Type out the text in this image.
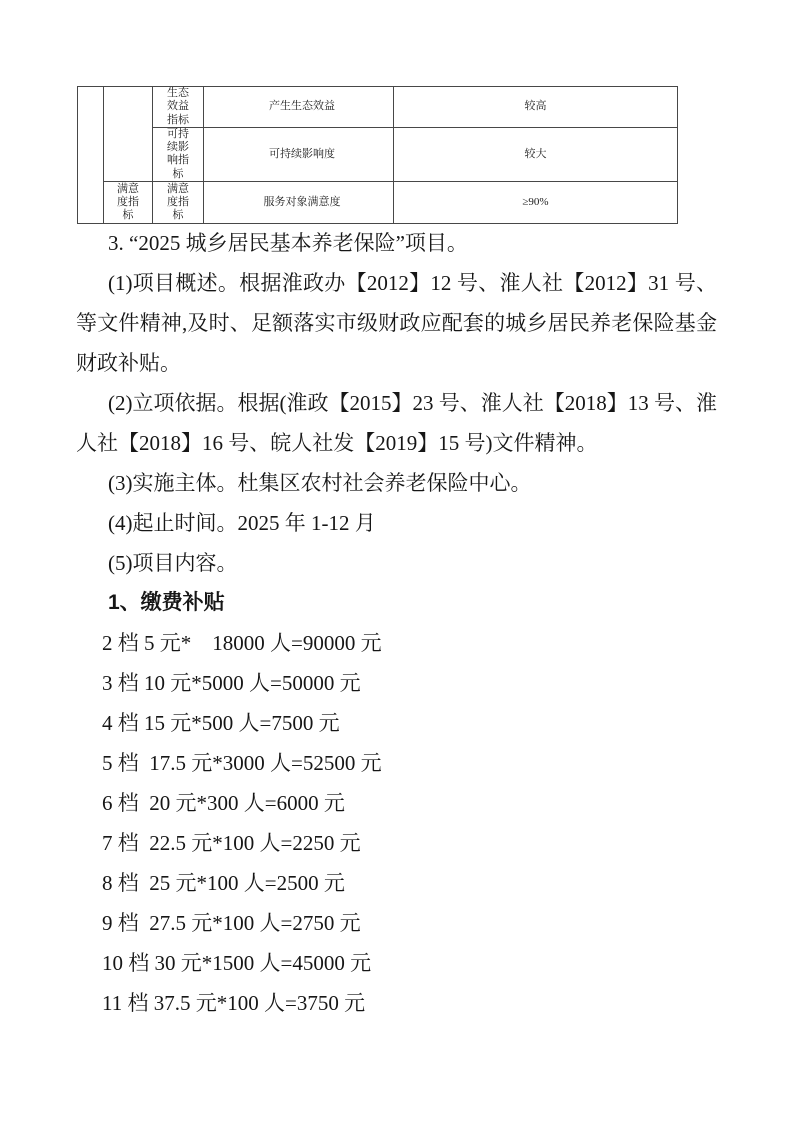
		生态效益指标	产生生态效益	较高

		可持续影响指标	可持续影响度	较大

	满意度指标	满意度指标	服务对象满意度	≥90%

3. “2025 城乡居民基本养老保险”项目。

(1)项目概述。根据淮政办【2012】12 号、淮人社【2012】31 号、等文件精神,及时、足额落实市级财政应配套的城乡居民养老保险基金财政补贴。

(2)立项依据。根据(淮政【2015】23 号、淮人社【2018】13 号、淮人社【2018】16 号、皖人社发【2019】15 号)文件精神。

(3)实施主体。杜集区农村社会养老保险中心。

(4)起止时间。2025 年 1-12 月

(5)项目内容。

1、缴费补贴

2 档 5 元*　18000 人=90000 元

3 档 10 元*5000 人=50000 元

4 档 15 元*500 人=7500 元

5 档  17.5 元*3000 人=52500 元

6 档  20 元*300 人=6000 元

7 档  22.5 元*100 人=2250 元

8 档  25 元*100 人=2500 元

9 档  27.5 元*100 人=2750 元

10 档 30 元*1500 人=45000 元

11 档 37.5 元*100 人=3750 元
